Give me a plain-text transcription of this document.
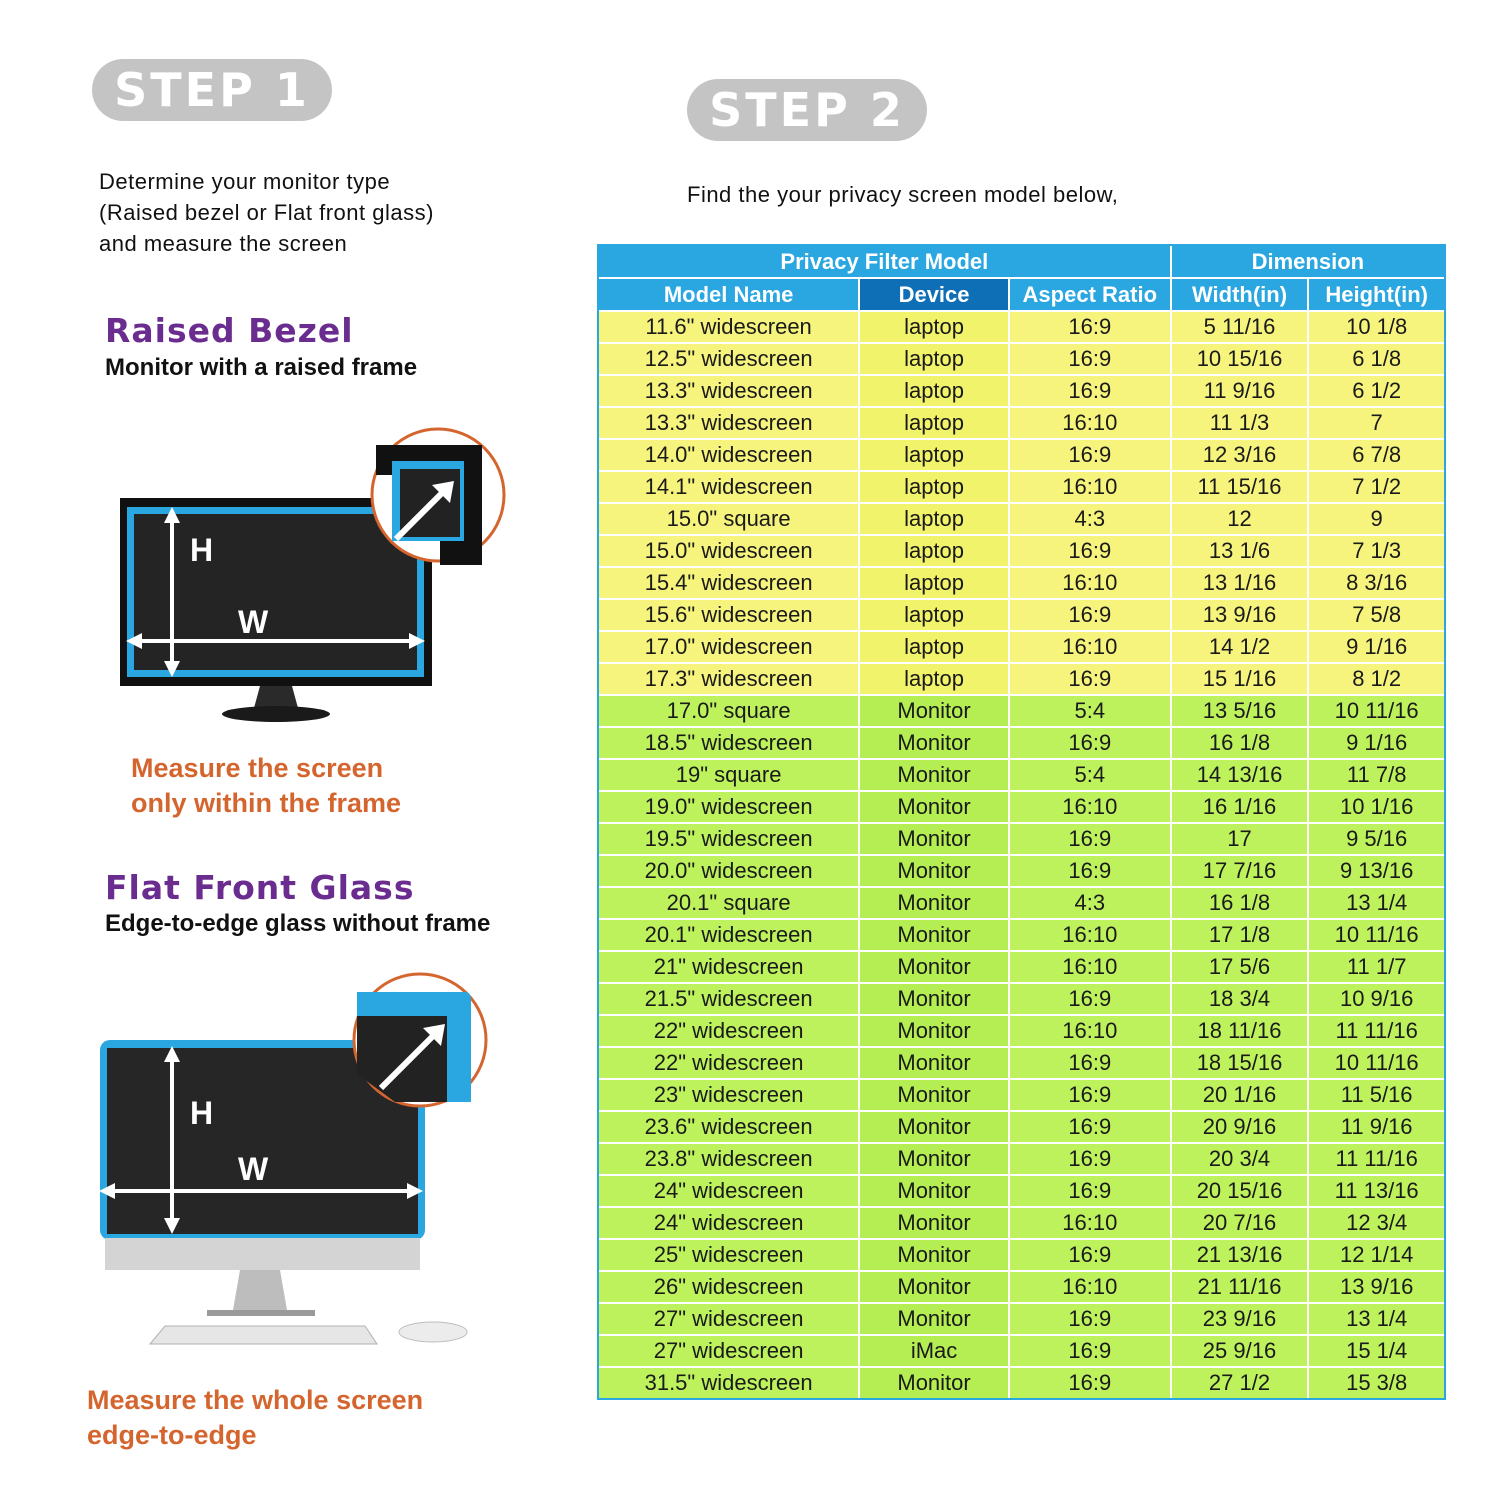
STEP 1	STEP 2
Determine your monitor type
(Raised bezel or Flat front glass)
and measure the screen
Find the your privacy screen model below,
Raised Bezel
Monitor with a raised frame
H
W
Measure the screen
only within the frame
Flat Front Glass
Edge-to-edge glass without frame
H
W
Measure the whole screen
edge-to-edge
Privacy Filter Model			Dimension	
Model Name	Device	Aspect Ratio	Width(in)	Height(in)
11.6" widescreen	laptop	16:9	5 11/16	10 1/8
12.5" widescreen	laptop	16:9	10 15/16	6 1/8
13.3" widescreen	laptop	16:9	11 9/16	6 1/2
13.3" widescreen	laptop	16:10	11 1/3	7
14.0" widescreen	laptop	16:9	12 3/16	6 7/8
14.1" widescreen	laptop	16:10	11 15/16	7 1/2
15.0" square	laptop	4:3	12	9
15.0" widescreen	laptop	16:9	13 1/6	7 1/3
15.4" widescreen	laptop	16:10	13 1/16	8 3/16
15.6" widescreen	laptop	16:9	13 9/16	7 5/8
17.0" widescreen	laptop	16:10	14 1/2	9 1/16
17.3" widescreen	laptop	16:9	15 1/16	8 1/2
17.0" square	Monitor	5:4	13 5/16	10 11/16
18.5" widescreen	Monitor	16:9	16 1/8	9 1/16
19" square	Monitor	5:4	14 13/16	11 7/8
19.0" widescreen	Monitor	16:10	16 1/16	10 1/16
19.5" widescreen	Monitor	16:9	17	9 5/16
20.0" widescreen	Monitor	16:9	17 7/16	9 13/16
20.1" square	Monitor	4:3	16 1/8	13 1/4
20.1" widescreen	Monitor	16:10	17 1/8	10 11/16
21" widescreen	Monitor	16:10	17 5/6	11 1/7
21.5" widescreen	Monitor	16:9	18 3/4	10 9/16
22" widescreen	Monitor	16:10	18 11/16	11 11/16
22" widescreen	Monitor	16:9	18 15/16	10 11/16
23" widescreen	Monitor	16:9	20 1/16	11 5/16
23.6" widescreen	Monitor	16:9	20 9/16	11 9/16
23.8" widescreen	Monitor	16:9	20 3/4	11 11/16
24" widescreen	Monitor	16:9	20 15/16	11 13/16
24" widescreen	Monitor	16:10	20 7/16	12 3/4
25" widescreen	Monitor	16:9	21 13/16	12 1/14
26" widescreen	Monitor	16:10	21 11/16	13 9/16
27" widescreen	Monitor	16:9	23 9/16	13 1/4
27" widescreen	iMac	16:9	25 9/16	15 1/4
31.5" widescreen	Monitor	16:9	27 1/2	15 3/8
